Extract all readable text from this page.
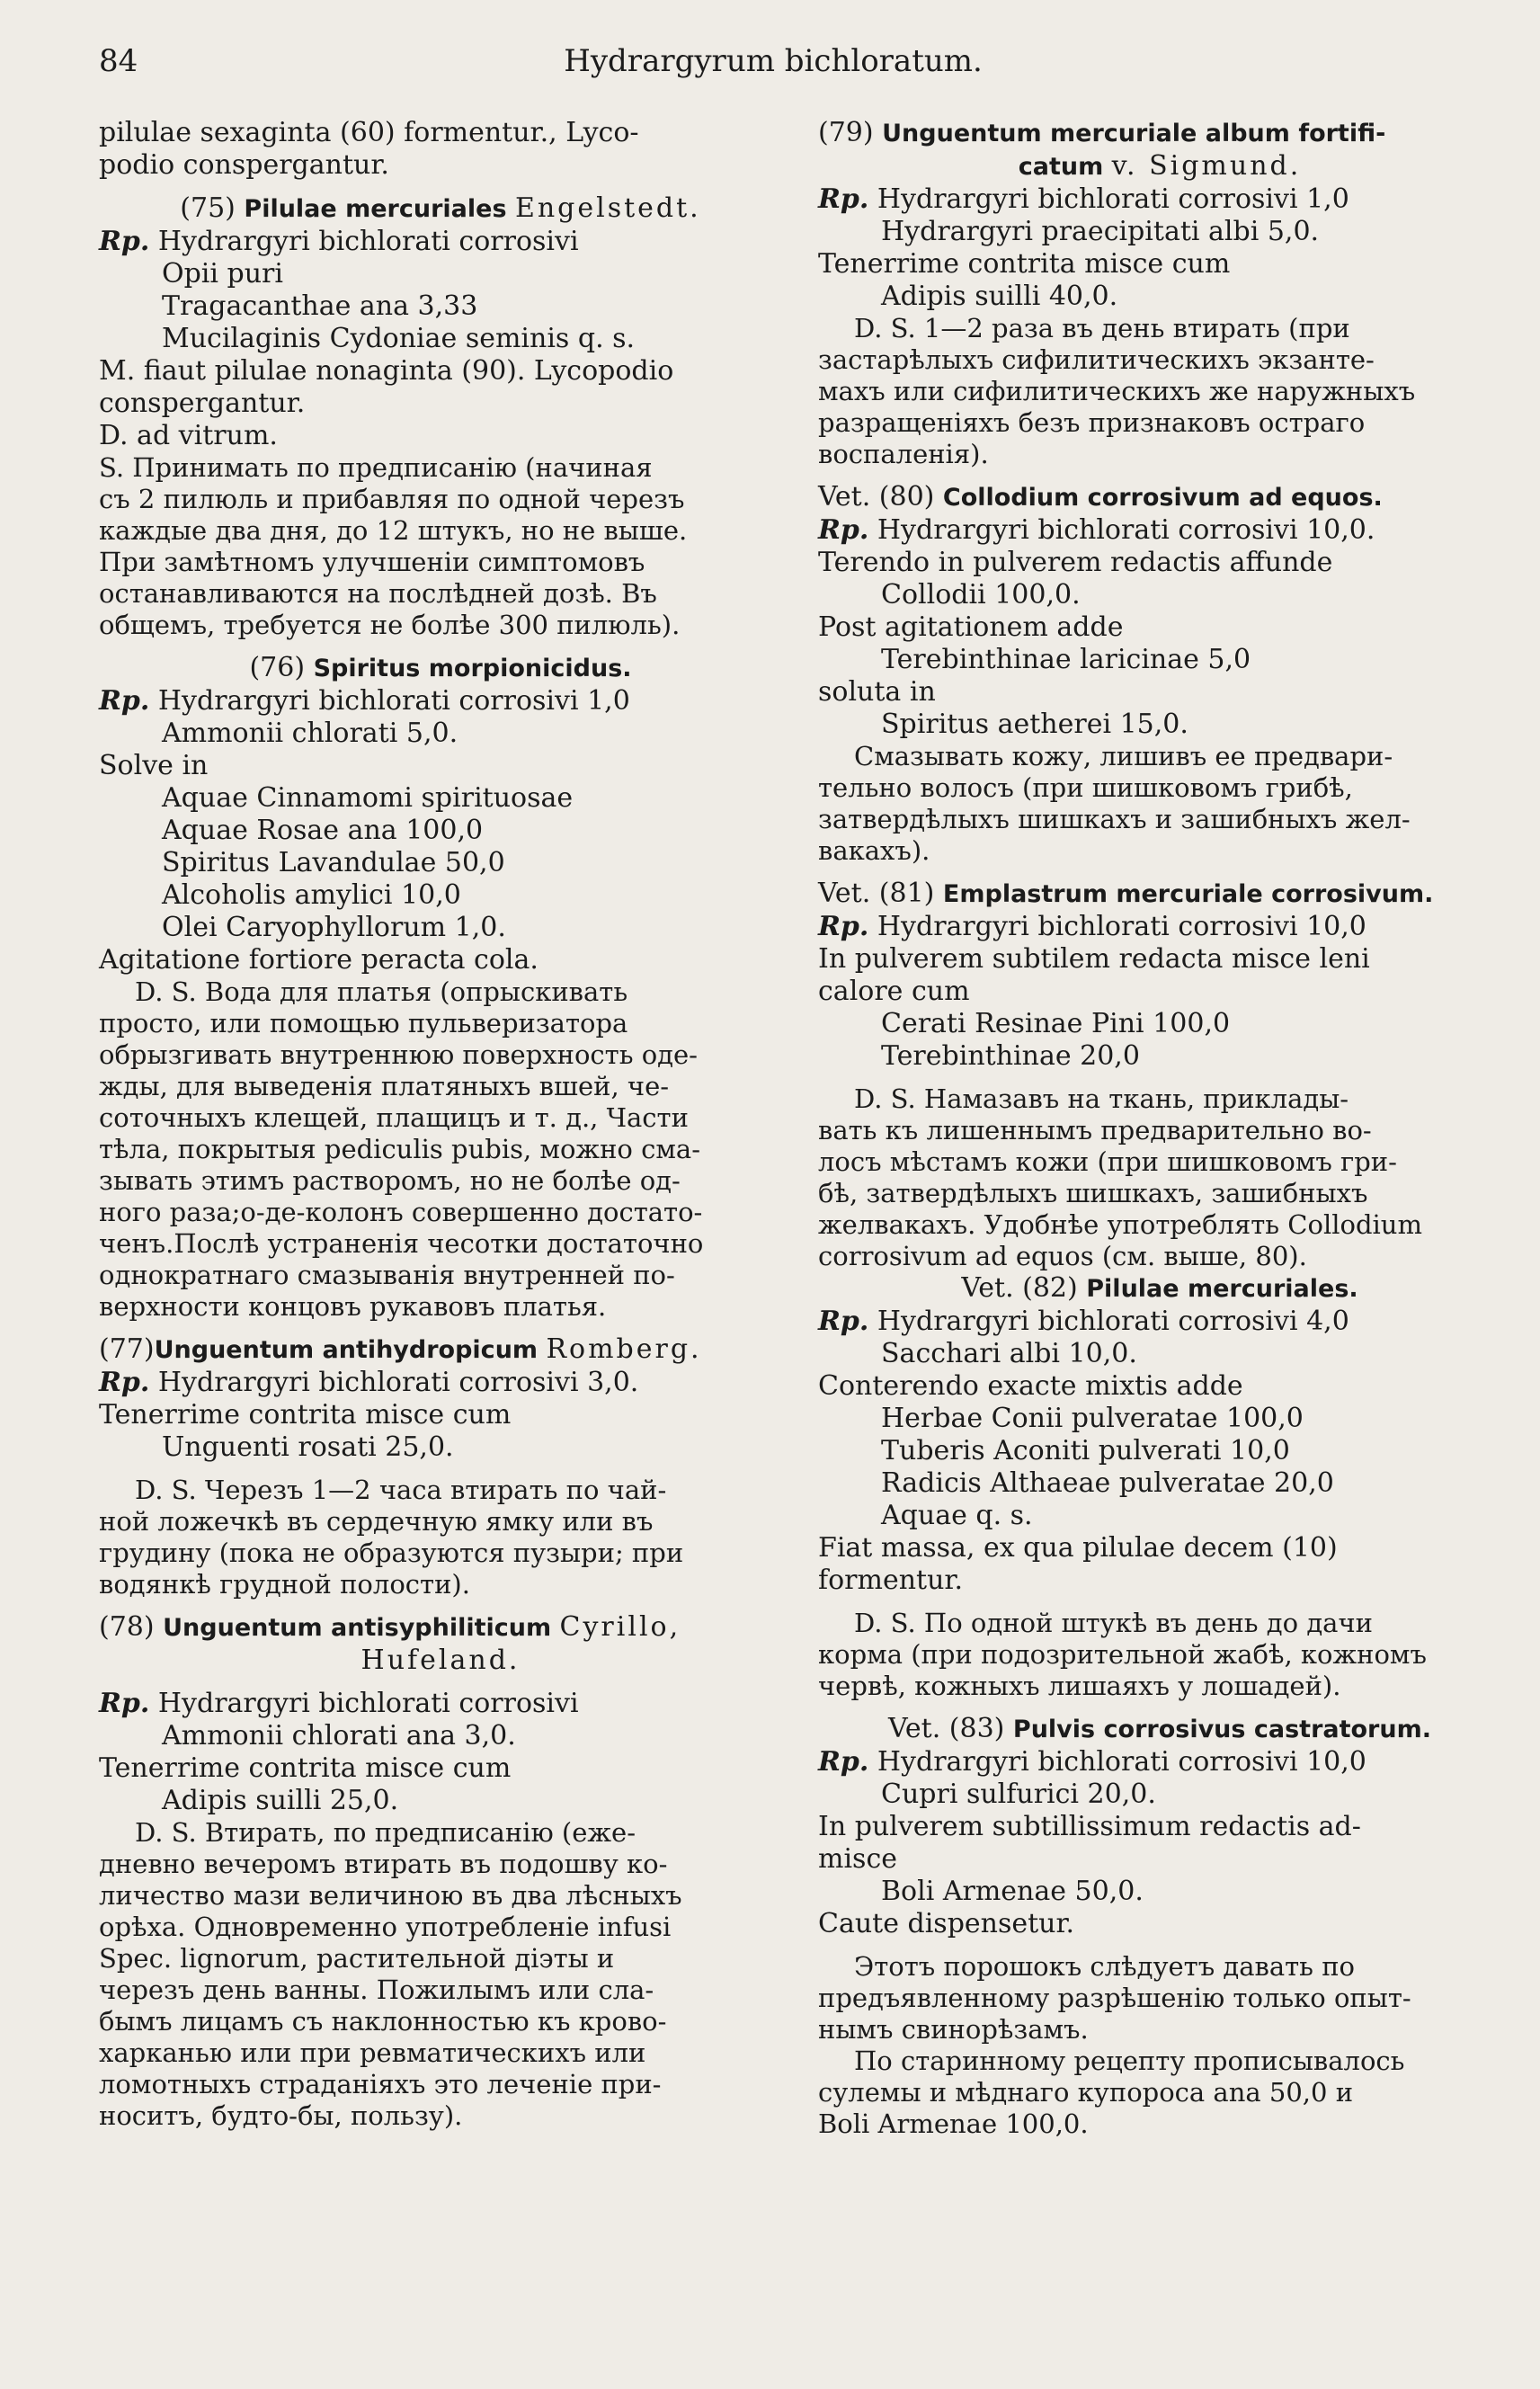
84	Hydrargyrum bichloratum.

pilulae sexaginta (60) formentur., Lyco-

podio conspergantur.

(75) Pilulae mercuriales Engelstedt.

Rp. Hydrargyri bichlorati corrosivi

Opii puri

Tragacanthae ana 3,33

Mucilaginis Cydoniae seminis q. s.

M. fiaut pilulae nonaginta (90). Lycopodio

conspergantur.

D. ad vitrum.

S. Принимать по предписанію (начиная

съ 2 пилюль и прибавляя по одной черезъ

каждые два дня, до 12 штукъ, но не выше.

При замѣтномъ улучшеніи симптомовъ

останавливаются на послѣдней дозѣ. Въ

общемъ, требуется не болѣе 300 пилюль).

(76) Spiritus morpionicidus.

Rp. Hydrargyri bichlorati corrosivi 1,0

Ammonii chlorati 5,0.

Solve in

Aquae Cinnamomi spirituosae

Aquae Rosae ana 100,0

Spiritus Lavandulae 50,0

Alcoholis amylici 10,0

Olei Caryophyllorum 1,0.

Agitatione fortiore peracta cola.

D. S. Вода для платья (опрыскивать

просто, или помощью пульверизатора

обрызгивать внутреннюю поверхность оде-

жды, для выведенія платяныхъ вшей, че-

соточныхъ клещей, плащицъ и т. д., Части

тѣла, покрытыя pediculis pubis, можно сма-

зывать этимъ растворомъ, но не болѣе од-

ного раза;о-де-колонъ совершенно достато-

ченъ.Послѣ устраненія чесотки достаточно

однократнаго смазыванія внутренней по-

верхности концовъ рукавовъ платья.

(77)Unguentum antihydropicum Romberg.

Rp. Hydrargyri bichlorati corrosivi 3,0.

Tenerrime contrita misce cum

Unguenti rosati 25,0.

D. S. Черезъ 1—2 часа втирать по чай-

ной ложечкѣ въ сердечную ямку или въ

грудину (пока не образуются пузыри; при

водянкѣ грудной полости).

(78) Unguentum antisyphiliticum Cyrillo,

Hufeland.

Rp. Hydrargyri bichlorati corrosivi

Ammonii chlorati ana 3,0.

Tenerrime contrita misce cum

Adipis suilli 25,0.

D. S. Втирать, по предписанію (еже-

дневно вечеромъ втирать въ подошву ко-

личество мази величиною въ два лѣсныхъ

орѣха. Одновременно употребленіе infusi

Spec. lignorum, растительной діэты и

черезъ день ванны. Пожилымъ или сла-

бымъ лицамъ съ наклонностью къ крово-

харканью или при ревматическихъ или

ломотныхъ страданіяхъ это леченіе при-

носитъ, будто-бы, пользу).

(79) Unguentum mercuriale album fortifi-

catum v. Sigmund.

Rp. Hydrargyri bichlorati corrosivi 1,0

Hydrargyri praecipitati albi 5,0.

Tenerrime contrita misce cum

Adipis suilli 40,0.

D. S. 1—2 раза въ день втирать (при

застарѣлыхъ сифилитическихъ экзанте-

махъ или сифилитическихъ же наружныхъ

разращеніяхъ безъ признаковъ остраго

воспаленія).

Vet. (80) Collodium corrosivum ad equos.

Rp. Hydrargyri bichlorati corrosivi 10,0.

Terendo in pulverem redactis affunde

Collodii 100,0.

Post agitationem adde

Terebinthinae laricinae 5,0

soluta in

Spiritus aetherei 15,0.

Смазывать кожу, лишивъ ее предвари-

тельно волосъ (при шишковомъ грибѣ,

затвердѣлыхъ шишкахъ и зашибныхъ жел-

вакахъ).

Vet. (81) Emplastrum mercuriale corrosivum.

Rp. Hydrargyri bichlorati corrosivi 10,0

In pulverem subtilem redacta misce leni

calore cum

Cerati Resinae Pini 100,0

Terebinthinae 20,0

D. S. Намазавъ на ткань, приклады-

вать къ лишеннымъ предварительно во-

лосъ мѣстамъ кожи (при шишковомъ гри-

бѣ, затвердѣлыхъ шишкахъ, зашибныхъ

желвакахъ. Удобнѣе употреблять Collodium

corrosivum ad equos (см. выше, 80).

Vet. (82) Pilulae mercuriales.

Rp. Hydrargyri bichlorati corrosivi 4,0

Sacchari albi 10,0.

Conterendo exacte mixtis adde

Herbae Conii pulveratae 100,0

Tuberis Aconiti pulverati 10,0

Radicis Althaeae pulveratae 20,0

Aquae q. s.

Fiat massa, ex qua pilulae decem (10)

formentur.

D. S. По одной штукѣ въ день до дачи

корма (при подозрительной жабѣ, кожномъ

червѣ, кожныхъ лишаяхъ у лошадей).

Vet. (83) Pulvis corrosivus castratorum.

Rp. Hydrargyri bichlorati corrosivi 10,0

Cupri sulfurici 20,0.

In pulverem subtillissimum redactis ad-

misce

Boli Armenae 50,0.

Caute dispensetur.

Этотъ порошокъ слѣдуетъ давать по

предъявленному разрѣшенію только опыт-

нымъ свинорѣзамъ.

По старинному рецепту прописывалось

сулемы и мѣднаго купороса ana 50,0 и

Boli Armenae 100,0.
